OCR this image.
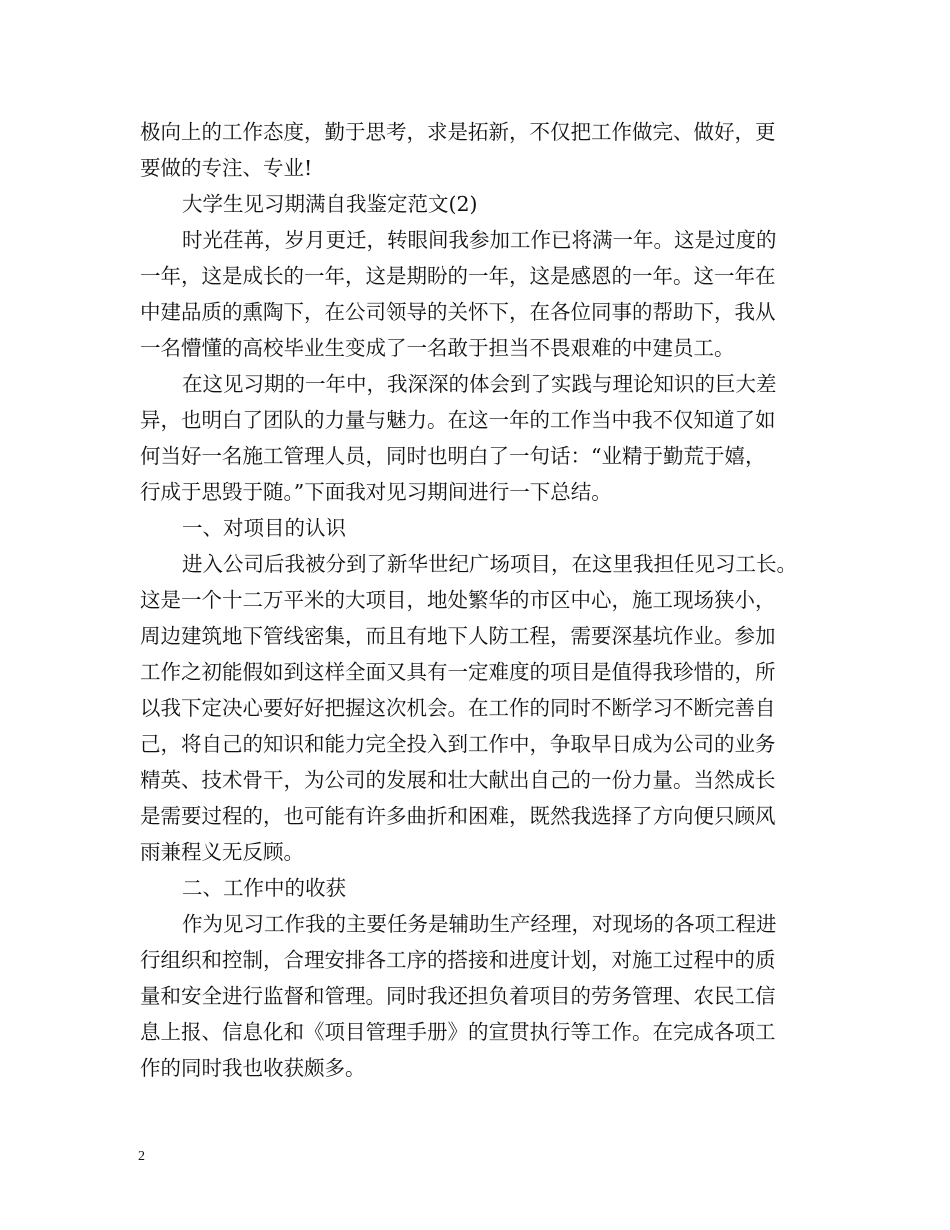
极向上的工作态度，勤于思考，求是拓新，不仅把工作做完、做好，更
要做的专注、专业!
大学生见习期满自我鉴定范文(2)
时光荏苒，岁月更迁，转眼间我参加工作已将满一年。这是过度的
一年，这是成长的一年，这是期盼的一年，这是感恩的一年。这一年在
中建品质的熏陶下，在公司领导的关怀下，在各位同事的帮助下，我从
一名懵懂的高校毕业生变成了一名敢于担当不畏艰难的中建员工。
在这见习期的一年中，我深深的体会到了实践与理论知识的巨大差
异，也明白了团队的力量与魅力。在这一年的工作当中我不仅知道了如
何当好一名施工管理人员，同时也明白了一句话：“业精于勤荒于嬉，
行成于思毁于随。”下面我对见习期间进行一下总结。
一、对项目的认识
进入公司后我被分到了新华世纪广场项目，在这里我担任见习工长。
这是一个十二万平米的大项目，地处繁华的市区中心，施工现场狭小，
周边建筑地下管线密集，而且有地下人防工程，需要深基坑作业。参加
工作之初能假如到这样全面又具有一定难度的项目是值得我珍惜的，所
以我下定决心要好好把握这次机会。在工作的同时不断学习不断完善自
己，将自己的知识和能力完全投入到工作中，争取早日成为公司的业务
精英、技术骨干，为公司的发展和壮大献出自己的一份力量。当然成长
是需要过程的，也可能有许多曲折和困难，既然我选择了方向便只顾风
雨兼程义无反顾。
二、工作中的收获
作为见习工作我的主要任务是辅助生产经理，对现场的各项工程进
行组织和控制，合理安排各工序的搭接和进度计划，对施工过程中的质
量和安全进行监督和管理。同时我还担负着项目的劳务管理、农民工信
息上报、信息化和《项目管理手册》的宣贯执行等工作。在完成各项工
作的同时我也收获颇多。
2
